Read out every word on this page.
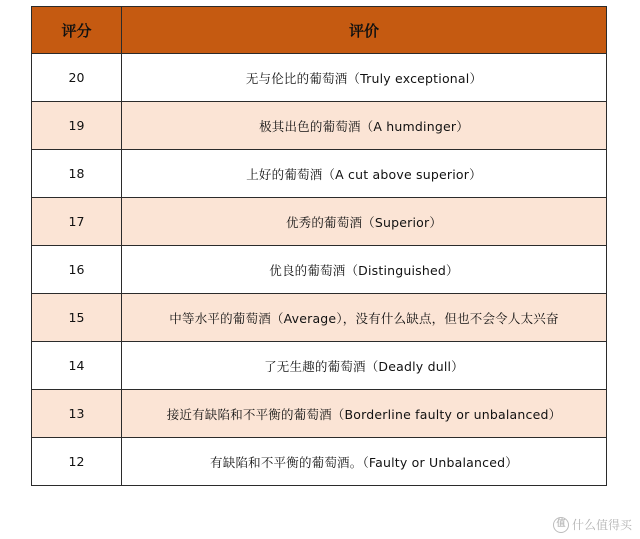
评分	评价
20	无与伦比的葡萄酒（Truly exceptional）
19	极其出色的葡萄酒（A humdinger）
18	上好的葡萄酒（A cut above superior）
17	优秀的葡萄酒（Superior）
16	优良的葡萄酒（Distinguished）
15	中等水平的葡萄酒（Average），没有什么缺点，但也不会令人太兴奋
14	了无生趣的葡萄酒（Deadly dull）
13	接近有缺陷和不平衡的葡萄酒（Borderline faulty or unbalanced）
12	有缺陷和不平衡的葡萄酒。（Faulty or Unbalanced）
值 什么值得买
